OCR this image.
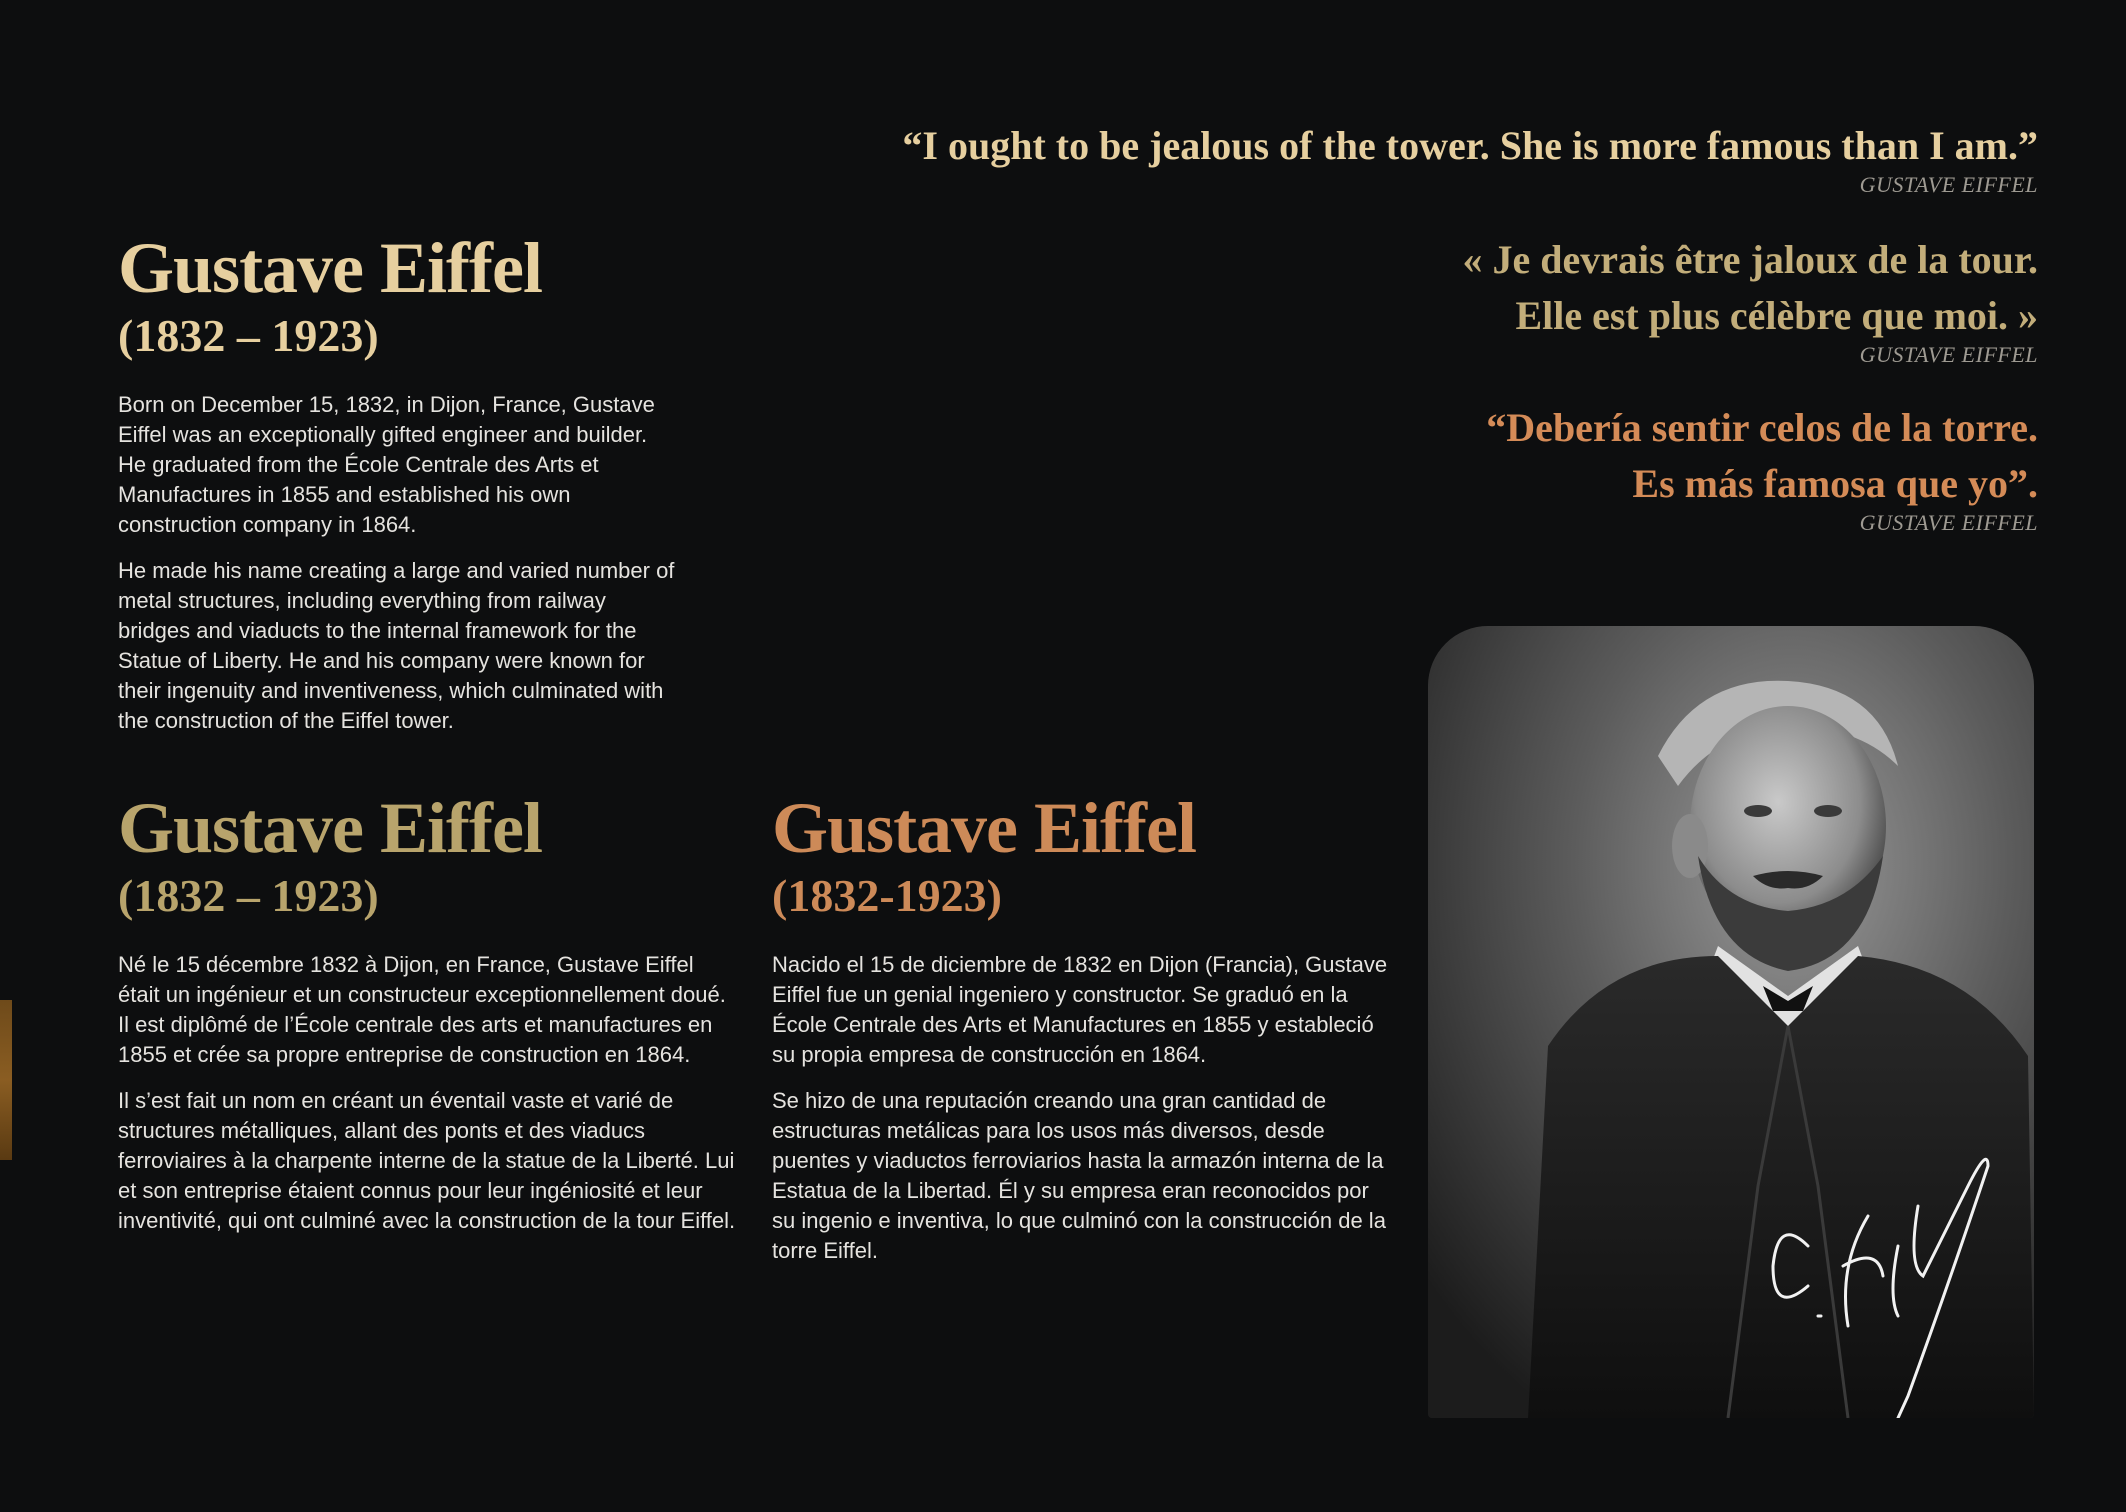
“I ought to be jealous of the tower. She is more famous than I am.”
GUSTAVE EIFFEL
« Je devrais être jaloux de la tour.
Elle est plus célèbre que moi. »
GUSTAVE EIFFEL
“Debería sentir celos de la torre.
Es más famosa que yo”.
GUSTAVE EIFFEL
Gustave Eiffel
(1832 – 1923)

Born on December 15, 1832, in Dijon, France, Gustave Eiffel was an exceptionally gifted engineer and builder. He graduated from the École Centrale des Arts et Manufactures in 1855 and established his own construction company in 1864.

He made his name creating a large and varied number of metal structures, including everything from railway bridges and viaducts to the internal framework for the Statue of Liberty. He and his company were known for their ingenuity and inventiveness, which culminated with the construction of the Eiffel tower.

Gustave Eiffel
(1832 – 1923)

Né le 15 décembre 1832 à Dijon, en France, Gustave Eiffel était un ingénieur et un constructeur exceptionnellement doué. Il est diplômé de l’École centrale des arts et manufactures en 1855 et crée sa propre entreprise de construction en 1864.

Il s’est fait un nom en créant un éventail vaste et varié de structures métalliques, allant des ponts et des viaducs ferroviaires à la charpente interne de la statue de la Liberté. Lui et son entreprise étaient connus pour leur ingéniosité et leur inventivité, qui ont culminé avec la construction de la tour Eiffel.

Gustave Eiffel
(1832-1923)

Nacido el 15 de diciembre de 1832 en Dijon (Francia), Gustave Eiffel fue un genial ingeniero y constructor. Se graduó en la École Centrale des Arts et Manufactures en 1855 y estableció su propia empresa de construcción en 1864.

Se hizo de una reputación creando una gran cantidad de estructuras metálicas para los usos más diversos, desde puentes y viaductos ferroviarios hasta la armazón interna de la Estatua de la Libertad. Él y su empresa eran reconocidos por su ingenio e inventiva, lo que culminó con la construcción de la torre Eiffel.
